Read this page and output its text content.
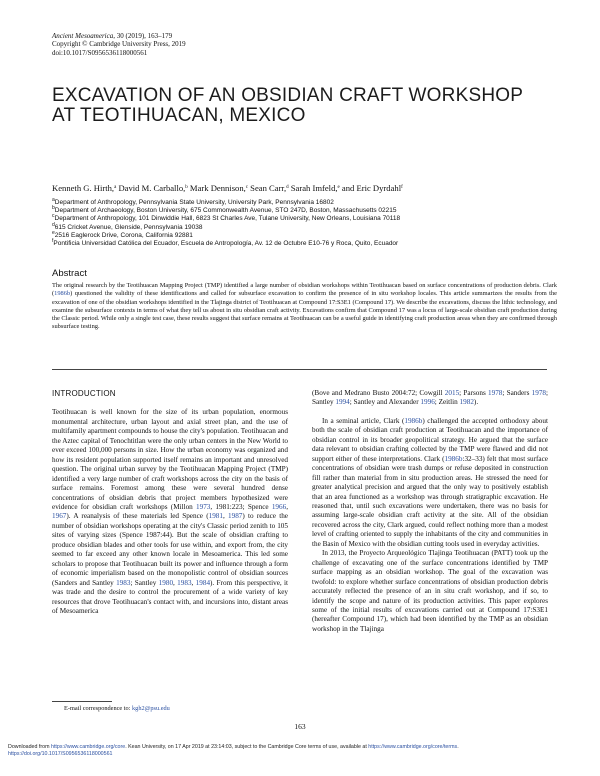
Ancient Mesoamerica, 30 (2019), 163–179
Copyright © Cambridge University Press, 2019
doi:10.1017/S0956536118000561
EXCAVATION OF AN OBSIDIAN CRAFT WORKSHOP
AT TEOTIHUACAN, MEXICO
Kenneth G. Hirth,$^a$ David M. Carballo,$^b$ Mark Dennison,$^c$ Sean Carr,$^d$ Sarah Imfeld,$^e$ and Eric Dyrdahl$^f$
$^a$Department of Anthropology, Pennsylvania State University, University Park, Pennsylvania 16802
$^b$Department of Archaeology, Boston University, 675 Commonwealth Avenue, STO 247D, Boston, Massachusetts 02215
$^c$Department of Anthropology, 101 Dinwiddie Hall, 6823 St Charles Ave, Tulane University, New Orleans, Louisiana 70118
$^d$615 Cricket Avenue, Glenside, Pennsylvania 19038
$^e$2516 Eaglerock Drive, Corona, California 92881
$^f$Pontificia Universidad Católica del Ecuador, Escuela de Antropología, Av. 12 de Octubre E10-76 y Roca, Quito, Ecuador
Abstract
The original research by the Teotihuacan Mapping Project (TMP) identified a large number of obsidian workshops within Teotihuacan based on surface concentrations of production debris. Clark (1986b) questioned the validity of these identifications and called for subsurface excavation to confirm the presence of in situ workshop locales. This article summarizes the results from the excavation of one of the obsidian workshops identified in the Tlajinga district of Teotihuacan at Compound 17:S3E1 (Compound 17). We describe the excavations, discuss the lithic technology, and examine the subsurface contexts in terms of what they tell us about in situ obsidian craft activity. Excavations confirm that Compound 17 was a locus of large-scale obsidian craft production during the Classic period. While only a single test case, these results suggest that surface remains at Teotihuacan can be a useful guide in identifying craft production areas when they are confirmed through subsurface testing.
INTRODUCTION

Teotihuacan is well known for the size of its urban population, enormous monumental architecture, urban layout and axial street plan, and the use of multifamily apartment compounds to house the city's population. Teotihuacan and the Aztec capital of Tenochtitlan were the only urban centers in the New World to ever exceed 100,000 persons in size. How the urban economy was organized and how its resident population supported itself remains an important and unresolved question. The original urban survey by the Teotihuacan Mapping Project (TMP) identified a very large number of craft workshops across the city on the basis of surface remains. Foremost among these were several hundred dense concentrations of obsidian debris that project members hypothesized were evidence for obsidian craft workshops (Millon 1973, 1981:223; Spence 1966, 1967). A reanalysis of these materials led Spence (1981, 1987) to reduce the number of obsidian workshops operating at the city's Classic period zenith to 105 sites of varying sizes (Spence 1987:44). But the scale of obsidian crafting to produce obsidian blades and other tools for use within, and export from, the city seemed to far exceed any other known locale in Mesoamerica. This led some scholars to propose that Teotihuacan built its power and influence through a form of economic imperialism based on the monopolistic control of obsidian sources (Sanders and Santley 1983; Santley 1980, 1983, 1984). From this perspective, it was trade and the desire to control the procurement of a wide variety of key resources that drove Teotihuacan's contact with, and incursions into, distant areas of Mesoamerica

(Bove and Medrano Busto 2004:72; Cowgill 2015; Parsons 1978; Sanders 1978; Santley 1994; Santley and Alexander 1996; Zeitlin 1982).

In a seminal article, Clark (1986b) challenged the accepted orthodoxy about both the scale of obsidian craft production at Teotihuacan and the importance of obsidian control in its broader geopolitical strategy. He argued that the surface data relevant to obsidian crafting collected by the TMP were flawed and did not support either of these interpretations. Clark (1986b:32–33) felt that most surface concentrations of obsidian were trash dumps or refuse deposited in construction fill rather than material from in situ production areas. He stressed the need for greater analytical precision and argued that the only way to positively establish that an area functioned as a workshop was through stratigraphic excavation. He reasoned that, until such excavations were undertaken, there was no basis for assuming large-scale obsidian craft activity at the site. All of the obsidian recovered across the city, Clark argued, could reflect nothing more than a modest level of crafting oriented to supply the inhabitants of the city and communities in the Basin of Mexico with the obsidian cutting tools used in everyday activities.

In 2013, the Proyecto Arqueológico Tlajinga Teotihuacan (PATT) took up the challenge of excavating one of the surface concentrations identified by TMP surface mapping as an obsidian workshop. The goal of the excavation was twofold: to explore whether surface concentrations of obsidian production debris accurately reflected the presence of an in situ craft workshop, and if so, to identify the scope and nature of its production activities. This paper explores some of the initial results of excavations carried out at Compound 17:S3E1 (hereafter Compound 17), which had been identified by the TMP as an obsidian workshop in the Tlajinga

E-mail correspondence to: kgh2@psu.edu
163
Downloaded from https://www.cambridge.org/core. Kean University, on 17 Apr 2019 at 23:14:03, subject to the Cambridge Core terms of use, available at https://www.cambridge.org/core/terms.
https://doi.org/10.1017/S0956536118000561
